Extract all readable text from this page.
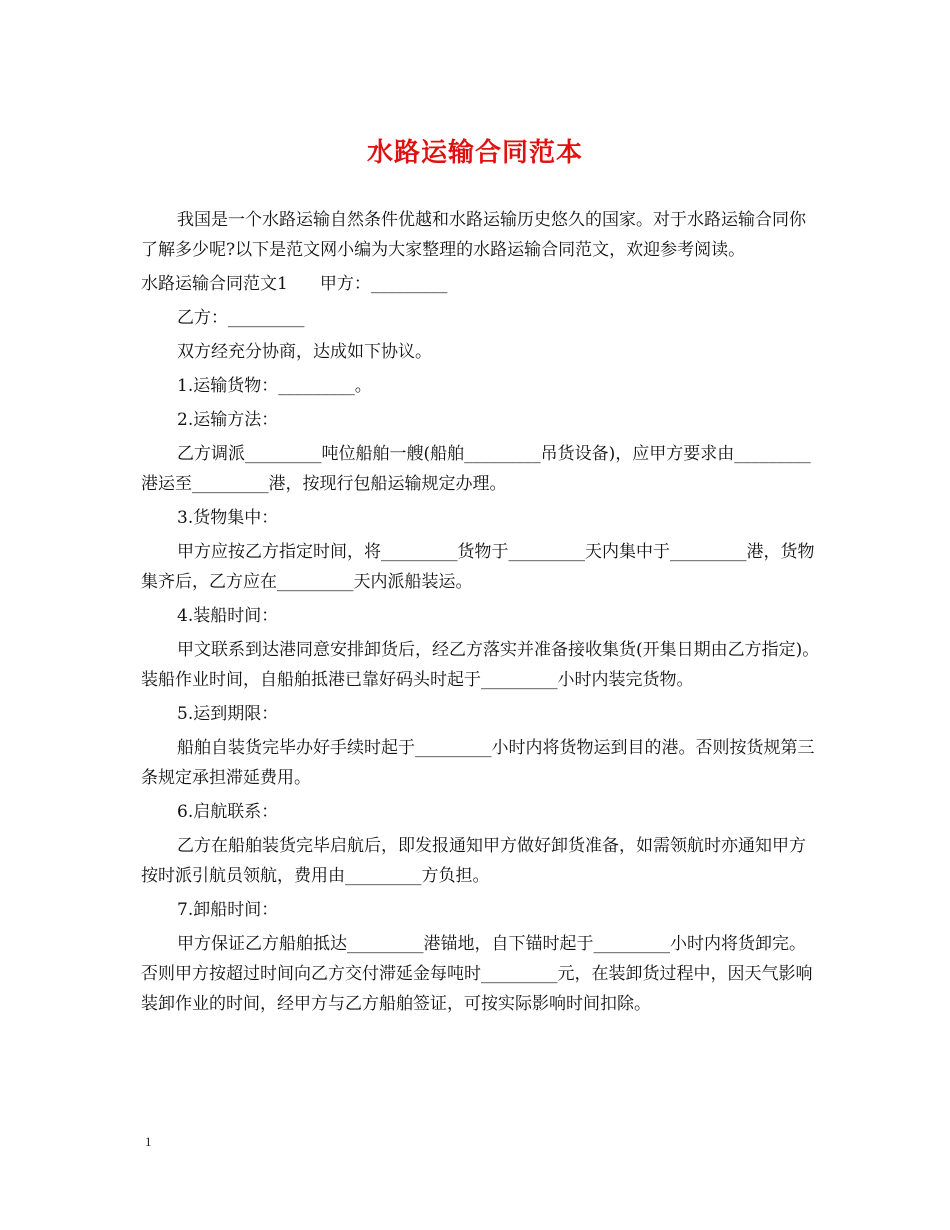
水路运输合同范本

我国是一个水路运输自然条件优越和水路运输历史悠久的国家。对于水路运输合同你了解多少呢?以下是范文网小编为大家整理的水路运输合同范文，欢迎参考阅读。

水路运输合同范文1 甲方：_________

乙方：_________

双方经充分协商，达成如下协议。

1.运输货物：_________。

2.运输方法：

乙方调派_________吨位船舶一艘(船舶_________吊货设备)，应甲方要求由_________港运至_________港，按现行包船运输规定办理。

3.货物集中：

甲方应按乙方指定时间，将_________货物于_________天内集中于_________港，货物集齐后，乙方应在_________天内派船装运。

4.装船时间：

甲文联系到达港同意安排卸货后，经乙方落实并准备接收集货(开集日期由乙方指定)。装船作业时间，自船舶抵港已靠好码头时起于_________小时内装完货物。

5.运到期限：

船舶自装货完毕办好手续时起于_________小时内将货物运到目的港。否则按货规第三条规定承担滞延费用。

6.启航联系：

乙方在船舶装货完毕启航后，即发报通知甲方做好卸货准备，如需领航时亦通知甲方按时派引航员领航，费用由_________方负担。

7.卸船时间：

甲方保证乙方船舶抵达_________港锚地，自下锚时起于_________小时内将货卸完。否则甲方按超过时间向乙方交付滞延金每吨时_________元，在装卸货过程中，因天气影响装卸作业的时间，经甲方与乙方船舶签证，可按实际影响时间扣除。

1
